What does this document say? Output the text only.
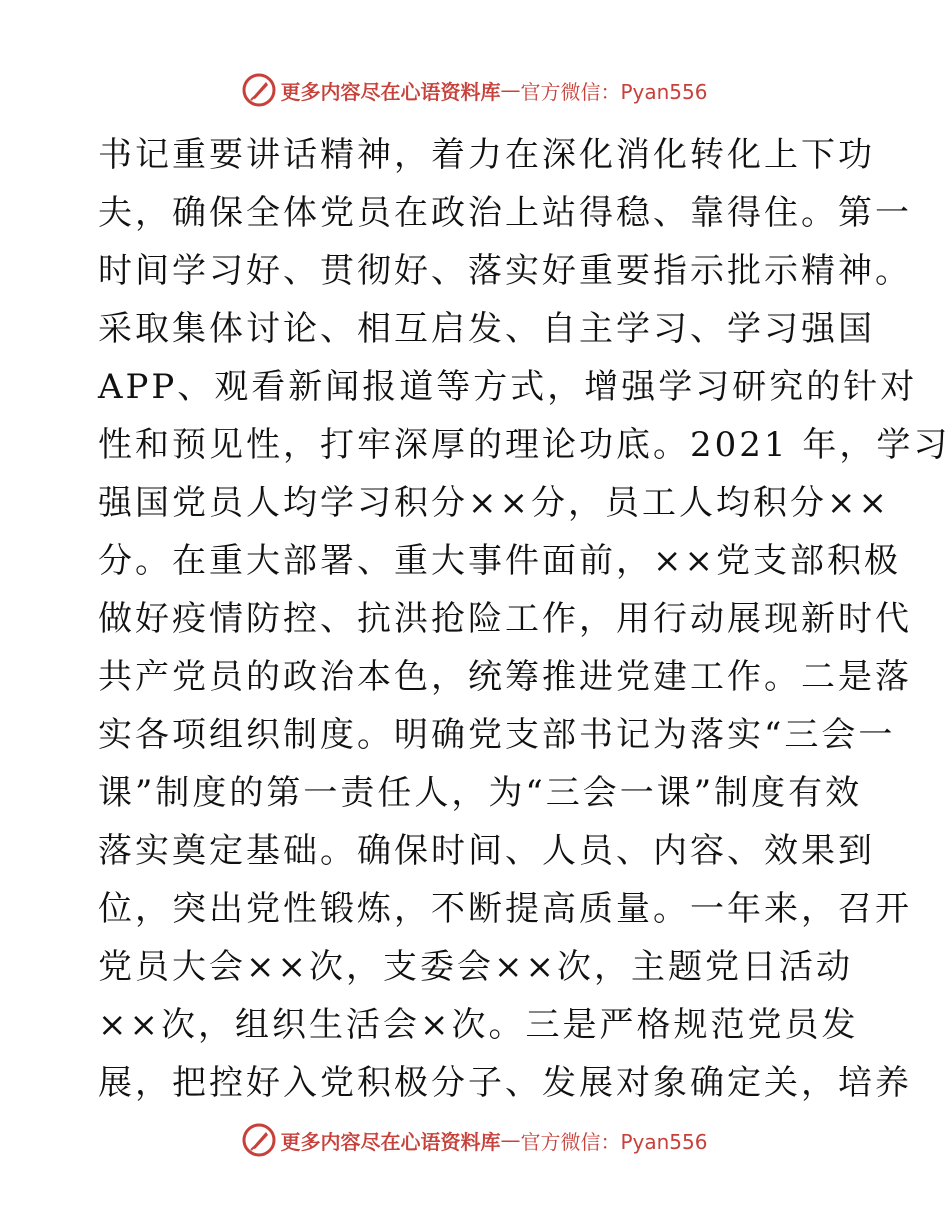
更多内容尽在心语资料库 — 官方微信：Pyan556
书记重要讲话精神，着力在深化消化转化上下功
夫，确保全体党员在政治上站得稳、靠得住。第一
时间学习好、贯彻好、落实好重要指示批示精神。
采取集体讨论、相互启发、自主学习、学习强国
APP、观看新闻报道等方式，增强学习研究的针对
性和预见性，打牢深厚的理论功底。2021 年，学习
强国党员人均学习积分××分，员工人均积分××
分。在重大部署、重大事件面前，××党支部积极
做好疫情防控、抗洪抢险工作，用行动展现新时代
共产党员的政治本色，统筹推进党建工作。二是落
实各项组织制度。明确党支部书记为落实“三会一
课”制度的第一责任人，为“三会一课”制度有效
落实奠定基础。确保时间、人员、内容、效果到
位，突出党性锻炼，不断提高质量。一年来，召开
党员大会××次，支委会××次，主题党日活动
××次，组织生活会×次。三是严格规范党员发
展，把控好入党积极分子、发展对象确定关，培养
更多内容尽在心语资料库 — 官方微信：Pyan556
